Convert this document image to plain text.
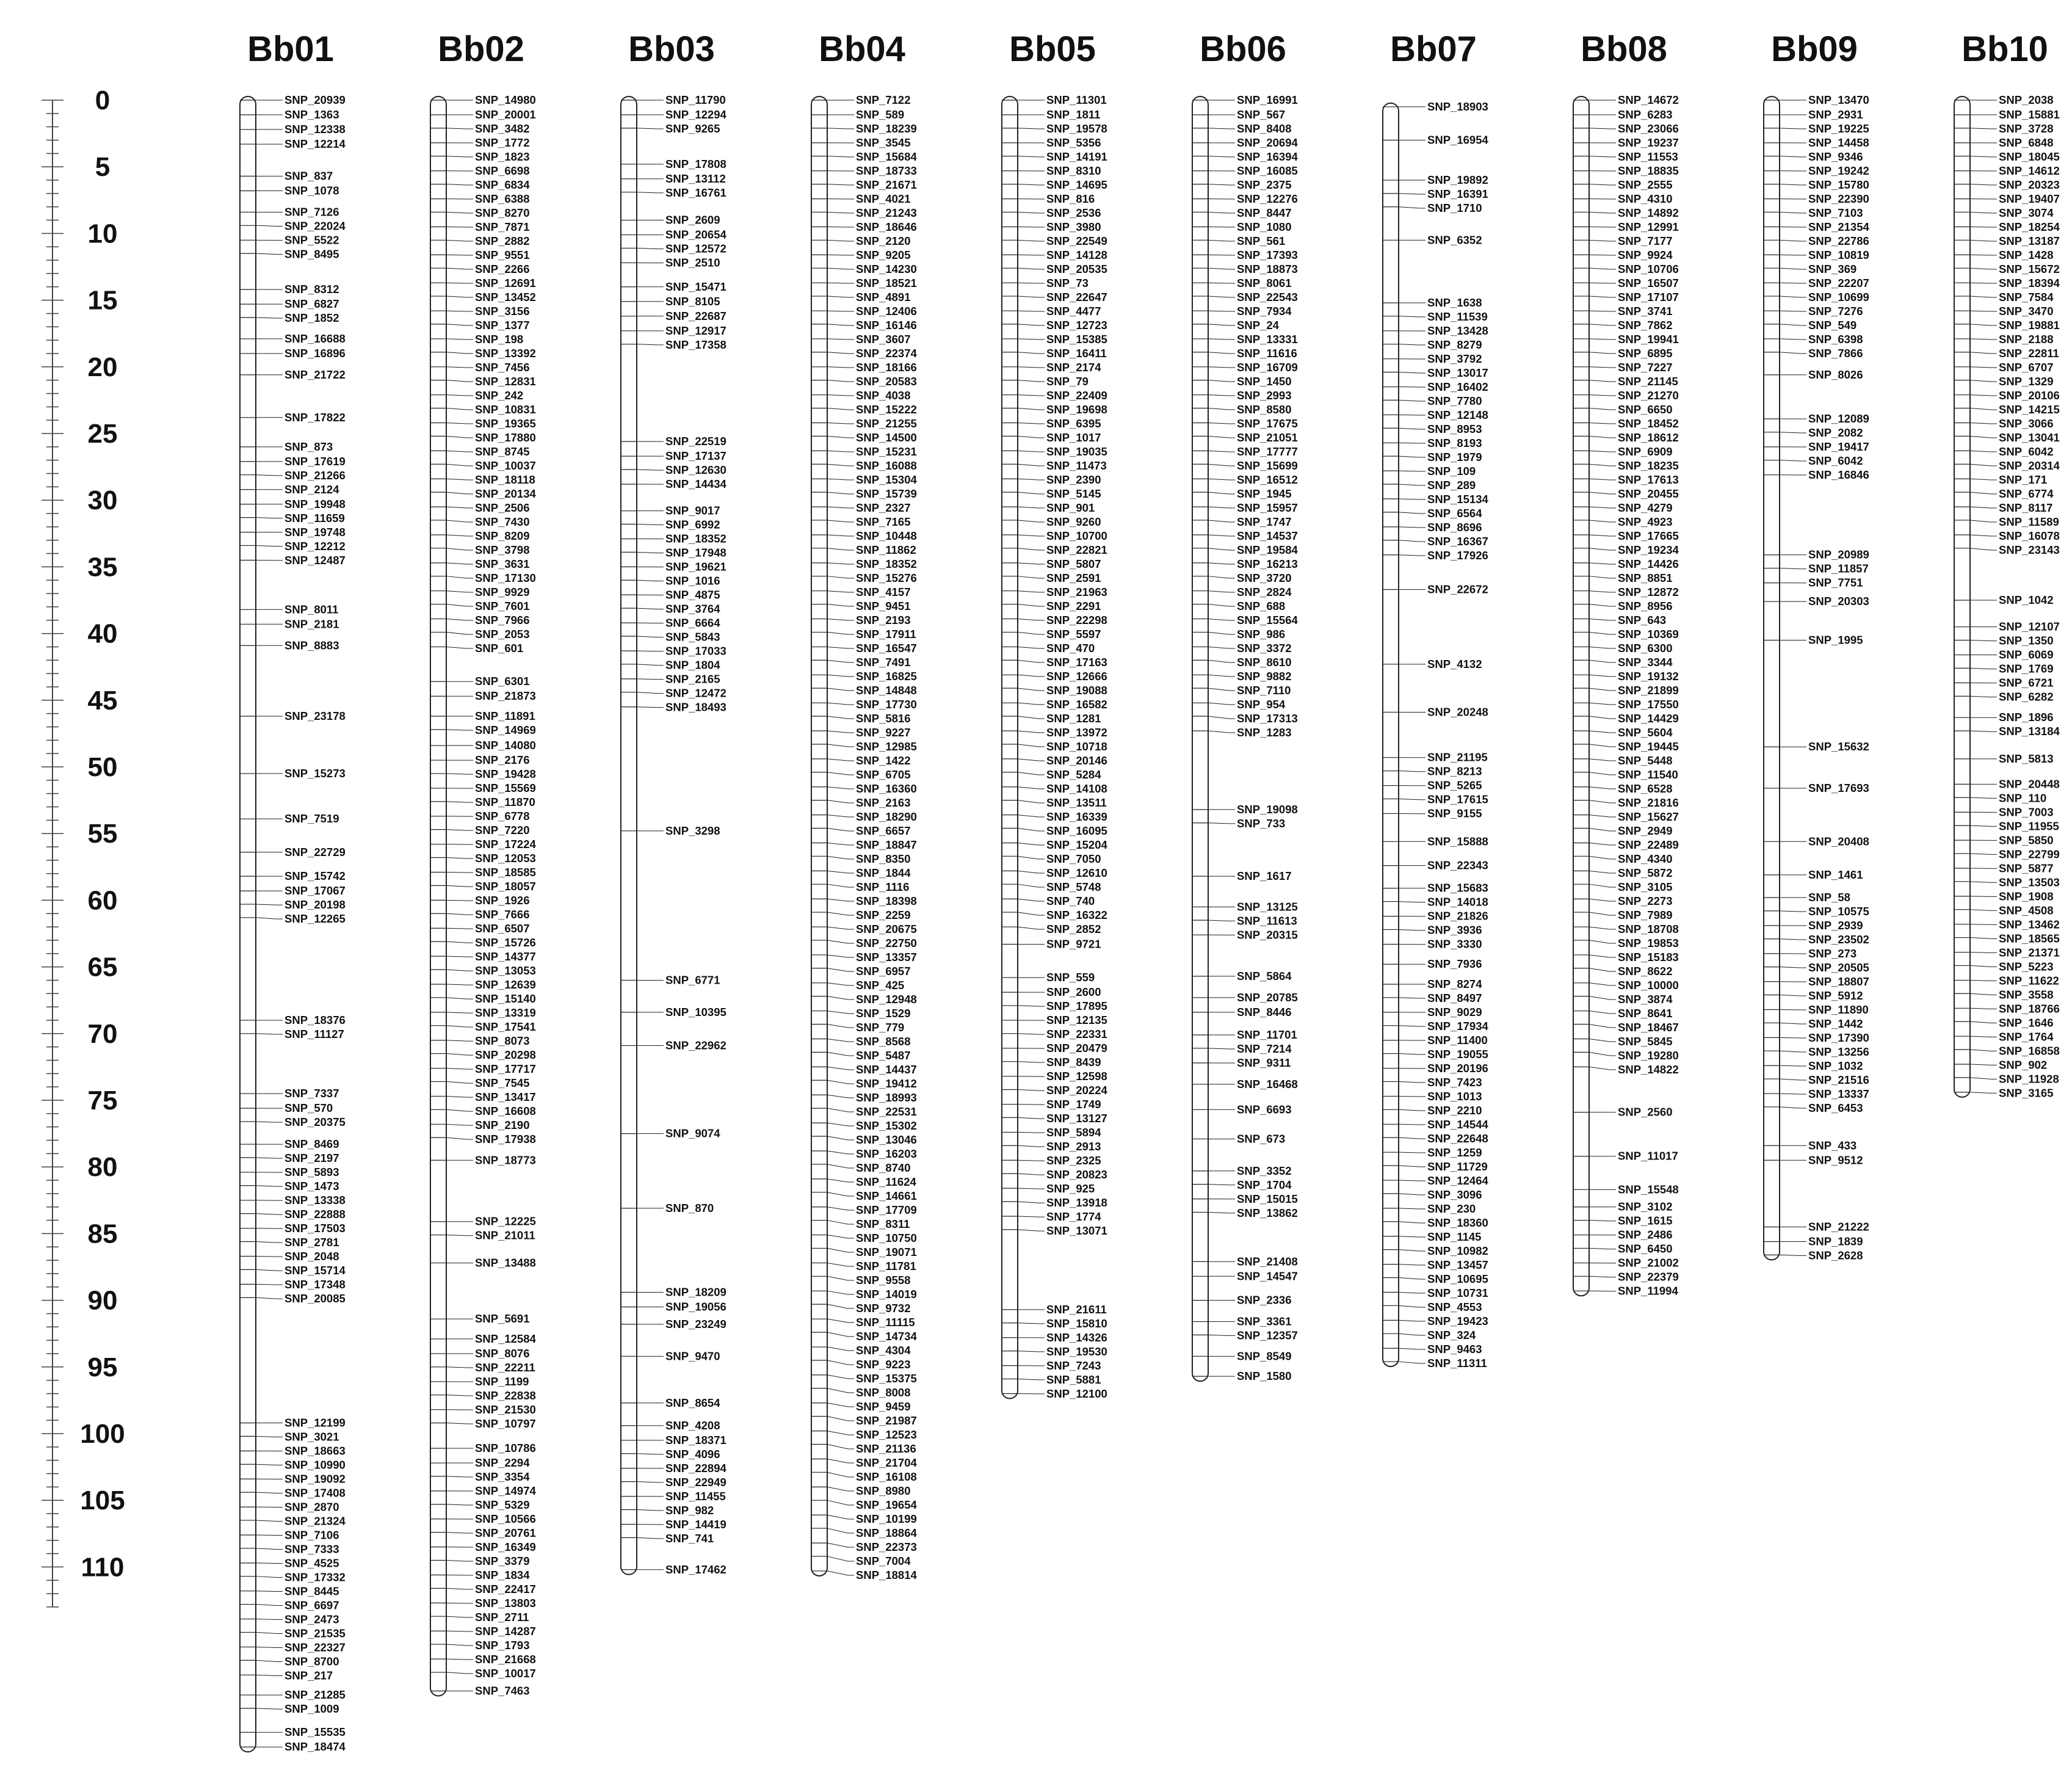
0
5
10
15
20
25
30
35
40
45
50
55
60
65
70
75
80
85
90
95
100
105
110
Bb01
SNP_20939
SNP_1363
SNP_12338
SNP_12214
SNP_837
SNP_1078
SNP_7126
SNP_22024
SNP_5522
SNP_8495
SNP_8312
SNP_6827
SNP_1852
SNP_16688
SNP_16896
SNP_21722
SNP_17822
SNP_873
SNP_17619
SNP_21266
SNP_2124
SNP_19948
SNP_11659
SNP_19748
SNP_12212
SNP_12487
SNP_8011
SNP_2181
SNP_8883
SNP_23178
SNP_15273
SNP_7519
SNP_22729
SNP_15742
SNP_17067
SNP_20198
SNP_12265
SNP_18376
SNP_11127
SNP_7337
SNP_570
SNP_20375
SNP_8469
SNP_2197
SNP_5893
SNP_1473
SNP_13338
SNP_22888
SNP_17503
SNP_2781
SNP_2048
SNP_15714
SNP_17348
SNP_20085
SNP_12199
SNP_3021
SNP_18663
SNP_10990
SNP_19092
SNP_17408
SNP_2870
SNP_21324
SNP_7106
SNP_7333
SNP_4525
SNP_17332
SNP_8445
SNP_6697
SNP_2473
SNP_21535
SNP_22327
SNP_8700
SNP_217
SNP_21285
SNP_1009
SNP_15535
SNP_18474
Bb02
SNP_14980
SNP_20001
SNP_3482
SNP_1772
SNP_1823
SNP_6698
SNP_6834
SNP_6388
SNP_8270
SNP_7871
SNP_2882
SNP_9551
SNP_2266
SNP_12691
SNP_13452
SNP_3156
SNP_1377
SNP_198
SNP_13392
SNP_7456
SNP_12831
SNP_242
SNP_10831
SNP_19365
SNP_17880
SNP_8745
SNP_10037
SNP_18118
SNP_20134
SNP_2506
SNP_7430
SNP_8209
SNP_3798
SNP_3631
SNP_17130
SNP_9929
SNP_7601
SNP_7966
SNP_2053
SNP_601
SNP_6301
SNP_21873
SNP_11891
SNP_14969
SNP_14080
SNP_2176
SNP_19428
SNP_15569
SNP_11870
SNP_6778
SNP_7220
SNP_17224
SNP_12053
SNP_18585
SNP_18057
SNP_1926
SNP_7666
SNP_6507
SNP_15726
SNP_14377
SNP_13053
SNP_12639
SNP_15140
SNP_13319
SNP_17541
SNP_8073
SNP_20298
SNP_17717
SNP_7545
SNP_13417
SNP_16608
SNP_2190
SNP_17938
SNP_18773
SNP_12225
SNP_21011
SNP_13488
SNP_5691
SNP_12584
SNP_8076
SNP_22211
SNP_1199
SNP_22838
SNP_21530
SNP_10797
SNP_10786
SNP_2294
SNP_3354
SNP_14974
SNP_5329
SNP_10566
SNP_20761
SNP_16349
SNP_3379
SNP_1834
SNP_22417
SNP_13803
SNP_2711
SNP_14287
SNP_1793
SNP_21668
SNP_10017
SNP_7463
Bb03
SNP_11790
SNP_12294
SNP_9265
SNP_17808
SNP_13112
SNP_16761
SNP_2609
SNP_20654
SNP_12572
SNP_2510
SNP_15471
SNP_8105
SNP_22687
SNP_12917
SNP_17358
SNP_22519
SNP_17137
SNP_12630
SNP_14434
SNP_9017
SNP_6992
SNP_18352
SNP_17948
SNP_19621
SNP_1016
SNP_4875
SNP_3764
SNP_6664
SNP_5843
SNP_17033
SNP_1804
SNP_2165
SNP_12472
SNP_18493
SNP_3298
SNP_6771
SNP_10395
SNP_22962
SNP_9074
SNP_870
SNP_18209
SNP_19056
SNP_23249
SNP_9470
SNP_8654
SNP_4208
SNP_18371
SNP_4096
SNP_22894
SNP_22949
SNP_11455
SNP_982
SNP_14419
SNP_741
SNP_17462
Bb04
SNP_7122
SNP_589
SNP_18239
SNP_3545
SNP_15684
SNP_18733
SNP_21671
SNP_4021
SNP_21243
SNP_18646
SNP_2120
SNP_9205
SNP_14230
SNP_18521
SNP_4891
SNP_12406
SNP_16146
SNP_3607
SNP_22374
SNP_18166
SNP_20583
SNP_4038
SNP_15222
SNP_21255
SNP_14500
SNP_15231
SNP_16088
SNP_15304
SNP_15739
SNP_2327
SNP_7165
SNP_10448
SNP_11862
SNP_18352
SNP_15276
SNP_4157
SNP_9451
SNP_2193
SNP_17911
SNP_16547
SNP_7491
SNP_16825
SNP_14848
SNP_17730
SNP_5816
SNP_9227
SNP_12985
SNP_1422
SNP_6705
SNP_16360
SNP_2163
SNP_18290
SNP_6657
SNP_18847
SNP_8350
SNP_1844
SNP_1116
SNP_18398
SNP_2259
SNP_20675
SNP_22750
SNP_13357
SNP_6957
SNP_425
SNP_12948
SNP_1529
SNP_779
SNP_8568
SNP_5487
SNP_14437
SNP_19412
SNP_18993
SNP_22531
SNP_15302
SNP_13046
SNP_16203
SNP_8740
SNP_11624
SNP_14661
SNP_17709
SNP_8311
SNP_10750
SNP_19071
SNP_11781
SNP_9558
SNP_14019
SNP_9732
SNP_11115
SNP_14734
SNP_4304
SNP_9223
SNP_15375
SNP_8008
SNP_9459
SNP_21987
SNP_12523
SNP_21136
SNP_21704
SNP_16108
SNP_8980
SNP_19654
SNP_10199
SNP_18864
SNP_22373
SNP_7004
SNP_18814
Bb05
SNP_11301
SNP_1811
SNP_19578
SNP_5356
SNP_14191
SNP_8310
SNP_14695
SNP_816
SNP_2536
SNP_3980
SNP_22549
SNP_14128
SNP_20535
SNP_73
SNP_22647
SNP_4477
SNP_12723
SNP_15385
SNP_16411
SNP_2174
SNP_79
SNP_22409
SNP_19698
SNP_6395
SNP_1017
SNP_19035
SNP_11473
SNP_2390
SNP_5145
SNP_901
SNP_9260
SNP_10700
SNP_22821
SNP_5807
SNP_2591
SNP_21963
SNP_2291
SNP_22298
SNP_5597
SNP_470
SNP_17163
SNP_12666
SNP_19088
SNP_16582
SNP_1281
SNP_13972
SNP_10718
SNP_20146
SNP_5284
SNP_14108
SNP_13511
SNP_16339
SNP_16095
SNP_15204
SNP_7050
SNP_12610
SNP_5748
SNP_740
SNP_16322
SNP_2852
SNP_9721
SNP_559
SNP_2600
SNP_17895
SNP_12135
SNP_22331
SNP_20479
SNP_8439
SNP_12598
SNP_20224
SNP_1749
SNP_13127
SNP_5894
SNP_2913
SNP_2325
SNP_20823
SNP_925
SNP_13918
SNP_1774
SNP_13071
SNP_21611
SNP_15810
SNP_14326
SNP_19530
SNP_7243
SNP_5881
SNP_12100
Bb06
SNP_16991
SNP_567
SNP_8408
SNP_20694
SNP_16394
SNP_16085
SNP_2375
SNP_12276
SNP_8447
SNP_1080
SNP_561
SNP_17393
SNP_18873
SNP_8061
SNP_22543
SNP_7934
SNP_24
SNP_13331
SNP_11616
SNP_16709
SNP_1450
SNP_2993
SNP_8580
SNP_17675
SNP_21051
SNP_17777
SNP_15699
SNP_16512
SNP_1945
SNP_15957
SNP_1747
SNP_14537
SNP_19584
SNP_16213
SNP_3720
SNP_2824
SNP_688
SNP_15564
SNP_986
SNP_3372
SNP_8610
SNP_9882
SNP_7110
SNP_954
SNP_17313
SNP_1283
SNP_19098
SNP_733
SNP_1617
SNP_13125
SNP_11613
SNP_20315
SNP_5864
SNP_20785
SNP_8446
SNP_11701
SNP_7214
SNP_9311
SNP_16468
SNP_6693
SNP_673
SNP_3352
SNP_1704
SNP_15015
SNP_13862
SNP_21408
SNP_14547
SNP_2336
SNP_3361
SNP_12357
SNP_8549
SNP_1580
Bb07
SNP_18903
SNP_16954
SNP_19892
SNP_16391
SNP_1710
SNP_6352
SNP_1638
SNP_11539
SNP_13428
SNP_8279
SNP_3792
SNP_13017
SNP_16402
SNP_7780
SNP_12148
SNP_8953
SNP_8193
SNP_1979
SNP_109
SNP_289
SNP_15134
SNP_6564
SNP_8696
SNP_16367
SNP_17926
SNP_22672
SNP_4132
SNP_20248
SNP_21195
SNP_8213
SNP_5265
SNP_17615
SNP_9155
SNP_15888
SNP_22343
SNP_15683
SNP_14018
SNP_21826
SNP_3936
SNP_3330
SNP_7936
SNP_8274
SNP_8497
SNP_9029
SNP_17934
SNP_11400
SNP_19055
SNP_20196
SNP_7423
SNP_1013
SNP_2210
SNP_14544
SNP_22648
SNP_1259
SNP_11729
SNP_12464
SNP_3096
SNP_230
SNP_18360
SNP_1145
SNP_10982
SNP_13457
SNP_10695
SNP_10731
SNP_4553
SNP_19423
SNP_324
SNP_9463
SNP_11311
Bb08
SNP_14672
SNP_6283
SNP_23066
SNP_19237
SNP_11553
SNP_18835
SNP_2555
SNP_4310
SNP_14892
SNP_12991
SNP_7177
SNP_9924
SNP_10706
SNP_16507
SNP_17107
SNP_3741
SNP_7862
SNP_19941
SNP_6895
SNP_7227
SNP_21145
SNP_21270
SNP_6650
SNP_18452
SNP_18612
SNP_6909
SNP_18235
SNP_17613
SNP_20455
SNP_4279
SNP_4923
SNP_17665
SNP_19234
SNP_14426
SNP_8851
SNP_12872
SNP_8956
SNP_643
SNP_10369
SNP_6300
SNP_3344
SNP_19132
SNP_21899
SNP_17550
SNP_14429
SNP_5604
SNP_19445
SNP_5448
SNP_11540
SNP_6528
SNP_21816
SNP_15627
SNP_2949
SNP_22489
SNP_4340
SNP_5872
SNP_3105
SNP_2273
SNP_7989
SNP_18708
SNP_19853
SNP_15183
SNP_8622
SNP_10000
SNP_3874
SNP_8641
SNP_18467
SNP_5845
SNP_19280
SNP_14822
SNP_2560
SNP_11017
SNP_15548
SNP_3102
SNP_1615
SNP_2486
SNP_6450
SNP_21002
SNP_22379
SNP_11994
Bb09
SNP_13470
SNP_2931
SNP_19225
SNP_14458
SNP_9346
SNP_19242
SNP_15780
SNP_22390
SNP_7103
SNP_21354
SNP_22786
SNP_10819
SNP_369
SNP_22207
SNP_10699
SNP_7276
SNP_549
SNP_6398
SNP_7866
SNP_8026
SNP_12089
SNP_2082
SNP_19417
SNP_6042
SNP_16846
SNP_20989
SNP_11857
SNP_7751
SNP_20303
SNP_1995
SNP_15632
SNP_17693
SNP_20408
SNP_1461
SNP_58
SNP_10575
SNP_2939
SNP_23502
SNP_273
SNP_20505
SNP_18807
SNP_5912
SNP_11890
SNP_1442
SNP_17390
SNP_13256
SNP_1032
SNP_21516
SNP_13337
SNP_6453
SNP_433
SNP_9512
SNP_21222
SNP_1839
SNP_2628
Bb10
SNP_2038
SNP_15881
SNP_3728
SNP_6848
SNP_18045
SNP_14612
SNP_20323
SNP_19407
SNP_3074
SNP_18254
SNP_13187
SNP_1428
SNP_15672
SNP_18394
SNP_7584
SNP_3470
SNP_19881
SNP_2188
SNP_22811
SNP_6707
SNP_1329
SNP_20106
SNP_14215
SNP_3066
SNP_13041
SNP_6042
SNP_20314
SNP_171
SNP_6774
SNP_8117
SNP_11589
SNP_16078
SNP_23143
SNP_1042
SNP_12107
SNP_1350
SNP_6069
SNP_1769
SNP_6721
SNP_6282
SNP_1896
SNP_13184
SNP_5813
SNP_20448
SNP_110
SNP_7003
SNP_11955
SNP_5850
SNP_22799
SNP_5877
SNP_13503
SNP_1908
SNP_4508
SNP_13462
SNP_18565
SNP_21371
SNP_5223
SNP_11622
SNP_3558
SNP_18766
SNP_1646
SNP_1764
SNP_16858
SNP_902
SNP_11928
SNP_3165
